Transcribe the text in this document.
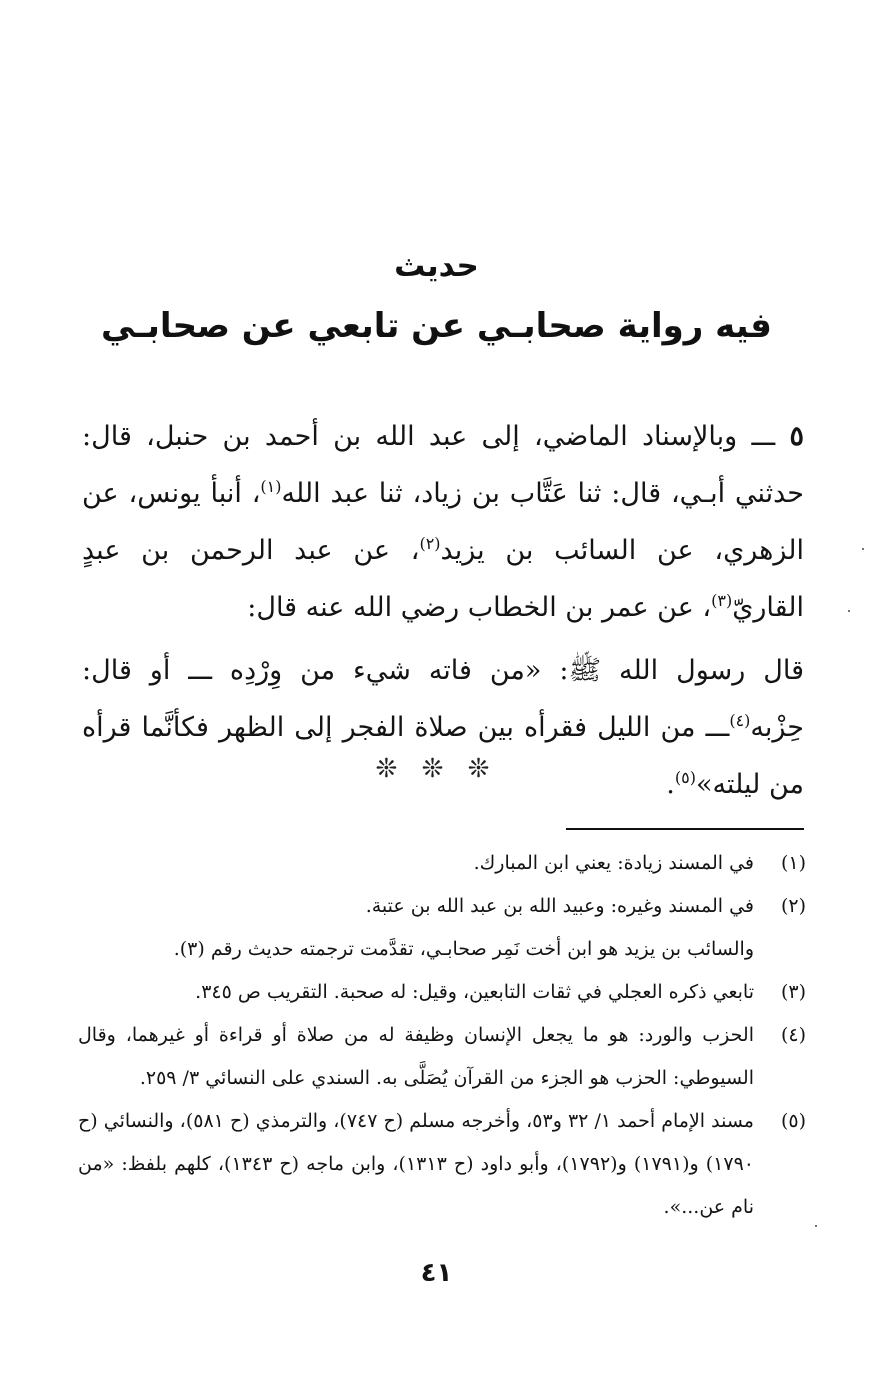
حديث
فيه رواية صحابـي عن تابعي عن صحابـي

٥ ـــ وبالإسناد الماضي، إلى عبد الله بن أحمد بن حنبل، قال: حدثني أبـي، قال: ثنا عَتَّاب بن زياد، ثنا عبد الله$^{(١)}$، أنبأ يونس، عن الزهري، عن السائب بن يزيد$^{(٢)}$، عن عبد الرحمن بن عبدٍ القاريّ$^{(٣)}$، عن عمر بن الخطاب رضي الله عنه قال:

قال رسول الله ﷺ: «من فاته شيء من وِرْدِه ـــ أو قال: حِزْبه$^{(٤)}$ـــ من الليل فقرأه بين صلاة الفجر إلى الظهر فكأنَّما قرأه من ليلته»$^{(٥)}$.

❊ ❊ ❊
(١)
في المسند زيادة: يعني ابن المبارك.
(٢)
في المسند وغيره: وعبيد الله بن عبد الله بن عتبة.
والسائب بن يزيد هو ابن أخت نَمِر صحابـي، تقدَّمت ترجمته حديث رقم (٣).
(٣)
تابعي ذكره العجلي في ثقات التابعين، وقيل: له صحبة. التقريب ص ٣٤٥.
(٤)
الحزب والورد: هو ما يجعل الإنسان وظيفة له من صلاة أو قراءة أو غيرهما، وقال السيوطي: الحزب هو الجزء من القرآن يُصَلَّى به. السندي على النسائي ٣/ ٢٥٩.
(٥)
مسند الإمام أحمد ١/ ٣٢ و٥٣، وأخرجه مسلم (ح ٧٤٧)، والترمذي (ح ٥٨١)، والنسائي (ح ١٧٩٠) و(١٧٩١) و(١٧٩٢)، وأبو داود (ح ١٣١٣)، وابن ماجه (ح ١٣٤٣)، كلهم بلفظ: «من نام عن...».
٤١
